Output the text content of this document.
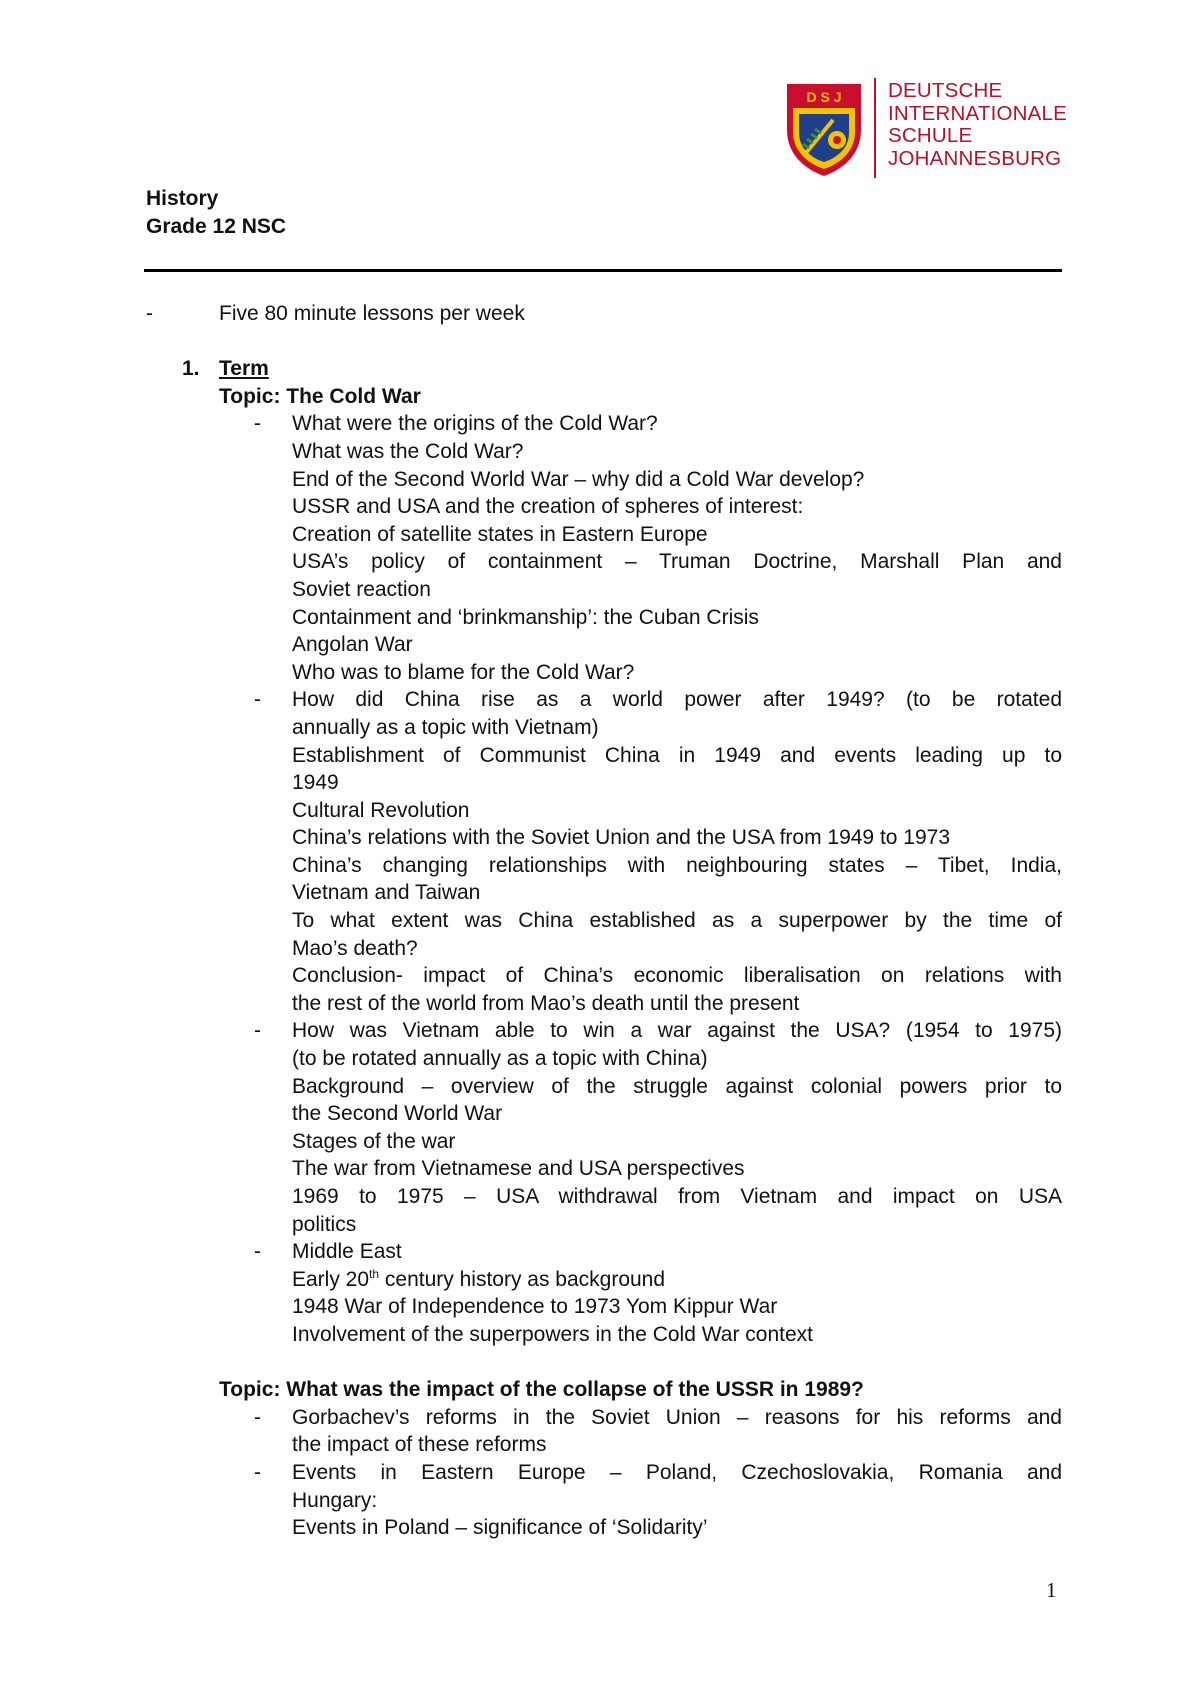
D S J DEUTSCHE
INTERNATIONALE
SCHULE
JOHANNESBURG
History
Grade 12 NSC
-	Five 80 minute lessons per week
1. Term
Topic: The Cold War
- What were the origins of the Cold War?
What was the Cold War?
End of the Second World War – why did a Cold War develop?
USSR and USA and the creation of spheres of interest:
Creation of satellite states in Eastern Europe
USA’s policy of containment – Truman Doctrine, Marshall Plan and
Soviet reaction
Containment and ‘brinkmanship’: the Cuban Crisis
Angolan War
Who was to blame for the Cold War?
- How did China rise as a world power after 1949? (to be rotated
annually as a topic with Vietnam)
Establishment of Communist China in 1949 and events leading up to
1949
Cultural Revolution
China’s relations with the Soviet Union and the USA from 1949 to 1973
China’s changing relationships with neighbouring states – Tibet, India,
Vietnam and Taiwan
To what extent was China established as a superpower by the time of
Mao’s death?
Conclusion- impact of China’s economic liberalisation on relations with
the rest of the world from Mao’s death until the present
- How was Vietnam able to win a war against the USA? (1954 to 1975)
(to be rotated annually as a topic with China)
Background – overview of the struggle against colonial powers prior to
the Second World War
Stages of the war
The war from Vietnamese and USA perspectives
1969 to 1975 – USA withdrawal from Vietnam and impact on USA
politics
- Middle East
Early 20th century history as background
1948 War of Independence to 1973 Yom Kippur War
Involvement of the superpowers in the Cold War context
Topic: What was the impact of the collapse of the USSR in 1989?
- Gorbachev’s reforms in the Soviet Union – reasons for his reforms and
the impact of these reforms
- Events in Eastern Europe – Poland, Czechoslovakia, Romania and
Hungary:
Events in Poland – significance of ‘Solidarity’
1
